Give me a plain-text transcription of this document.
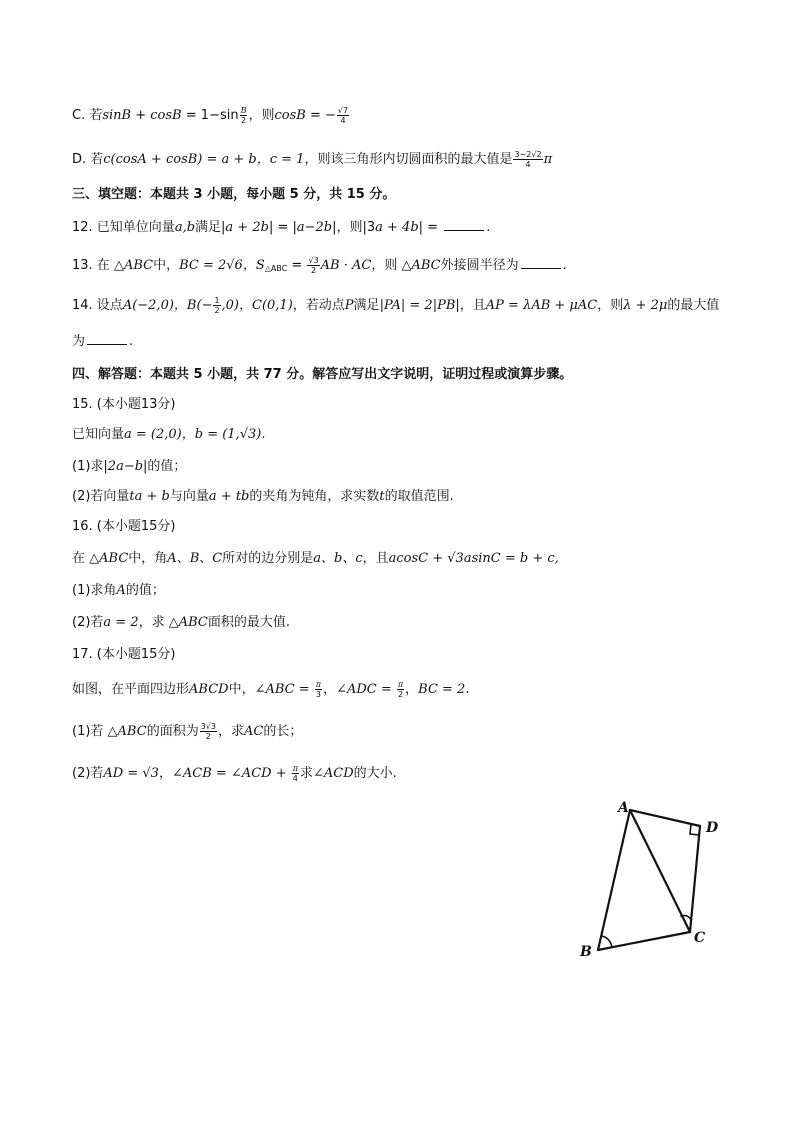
C. 若$\sin B + \cos B = 1-\sin \frac{B}{2}$ ，则cosB = − $\frac{√7}{4}$
D. 若c(cosA + cosB) = a + b，c = 1，则该三角形内切圆面积的最大值是 $\frac{3-2√2}{4}$ π
三、填空题：本题共 3 小题，每小题 5 分，共 15 分。
12. 已知单位向量a,b满足|a + 2b| = |a−2b|，则|3a + 4b| =	.
13. 在 △ABC中，BC = 2√6，$S_{\triangle ABC} = \frac{√3}{2}$ AB · AC，则 △ABC外接圆半径为	.
14. 设点A(−2,0)，$B(- \frac{1}{2} ,0)$，C(0,1)，若动点P满足|PA| = 2|PB|，且AP = λAB + μAC，则λ + 2μ的最大值
为	.
四、解答题：本题共 5 小题，共 77 分。解答应写出文字说明，证明过程或演算步骤。
15. (本小题13分)
已知向量a = (2,0)，b = (1,√3).
(1)求|2a−b|的值；
(2)若向量ta + b与向量a + tb的夹角为钝角，求实数t的取值范围.
16. (本小题15分)
在 △ABC中，角A、B、C所对的边分别是a、b、c，且acosC + √3asinC = b + c,
(1)求角A的值；
(2)若a = 2，求 △ABC面积的最大值.
17. (本小题15分)
如图，在平面四边形ABCD中，∠ABC = $\frac{\pi}{3}$ ，∠ADC = $\frac{\pi}{2}$ ，BC = 2.
(1)若 △ABC的面积为 $\frac{3√3}{2}$ ，求AC的长；
(2)若AD = √3，∠ACB = ∠ACD + $\frac{\pi}{4}$ 求∠ACD的大小.
A
D
C
B
